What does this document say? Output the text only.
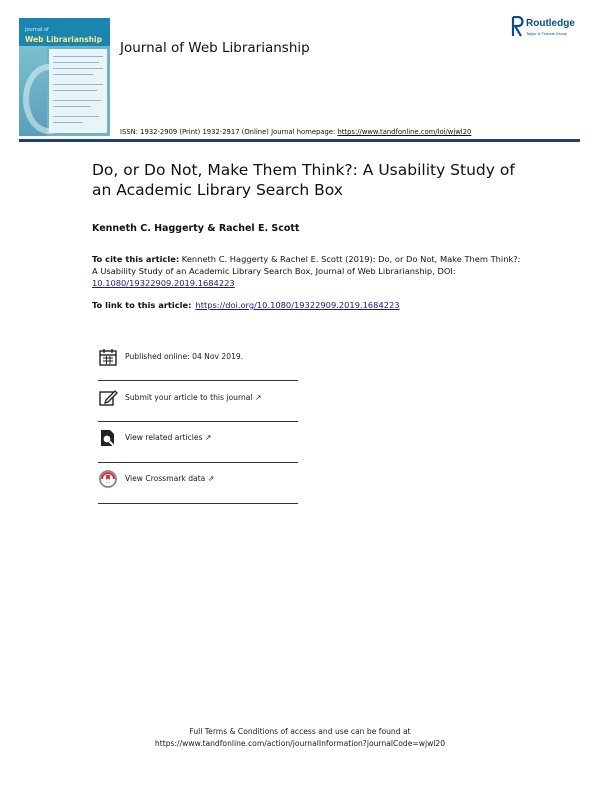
Journal of
Web Librarianship
Journal of Web Librarianship
Routledge
Taylor & Francis Group
ISSN: 1932-2909 (Print) 1932-2917 (Online) Journal homepage: https://www.tandfonline.com/loi/wjwl20
Do, or Do Not, Make Them Think?: A Usability Study of an Academic Library Search Box
Kenneth C. Haggerty & Rachel E. Scott
To cite this article: Kenneth C. Haggerty & Rachel E. Scott (2019): Do, or Do Not, Make Them Think?: A Usability Study of an Academic Library Search Box, Journal of Web Librarianship, DOI: 10.1080/19322909.2019.1684223
To link to this article: https://doi.org/10.1080/19322909.2019.1684223
Published online: 04 Nov 2019.
Submit your article to this journal ↗
View related articles ↗
View Crossmark data ⇗
Full Terms & Conditions of access and use can be found at
https://www.tandfonline.com/action/journalInformation?journalCode=wjwl20
